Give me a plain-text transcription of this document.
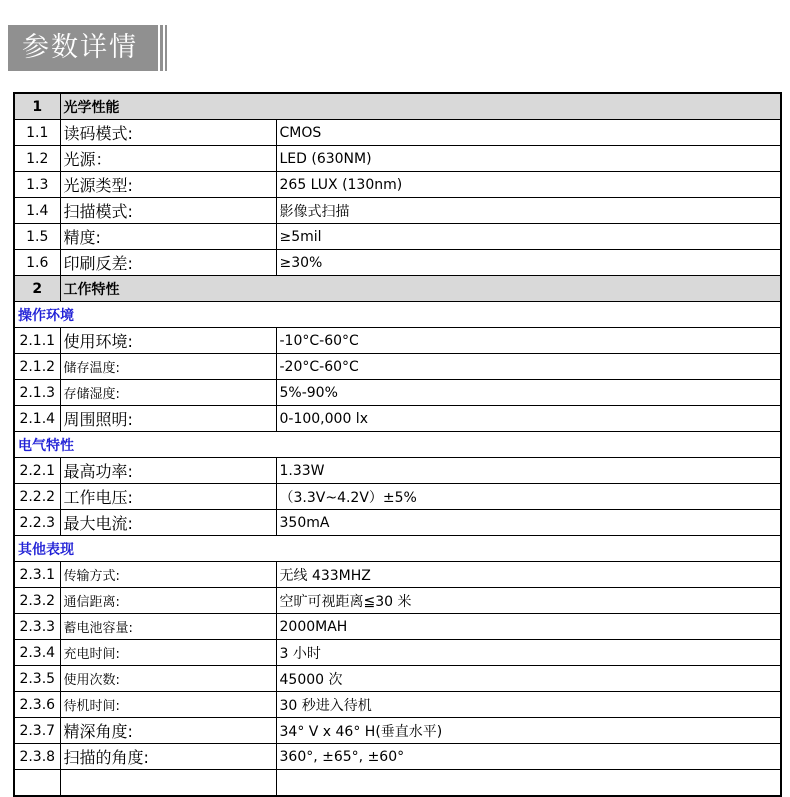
参数详情
1	光学性能	
1.1	读码模式:	CMOS
1.2	光源：	LED (630NM)
1.3	光源类型:	265 LUX (130nm)
1.4	扫描模式:	影像式扫描
1.5	精度:	≥5mil
1.6	印刷反差:	≥30%
2	工作特性	
操作环境		
2.1.1	使用环境:	-10°C-60°C
2.1.2	储存温度:	-20°C-60°C
2.1.3	存储湿度:	5%-90%
2.1.4	周围照明:	0-100,000 lx
电气特性		
2.2.1	最高功率:	1.33W
2.2.2	工作电压:	（3.3V~4.2V）±5%
2.2.3	最大电流:	350mA
其他表现		
2.3.1	传输方式:	无线 433MHZ
2.3.2	通信距离:	空旷可视距离≦30 米
2.3.3	蓄电池容量:	2000MAH
2.3.4	充电时间:	3 小时
2.3.5	使用次数:	45000 次
2.3.6	待机时间:	30 秒进入待机
2.3.7	精深角度:	34° V x 46° H(垂直水平)
2.3.8	扫描的角度:	360°, ±65°, ±60°
